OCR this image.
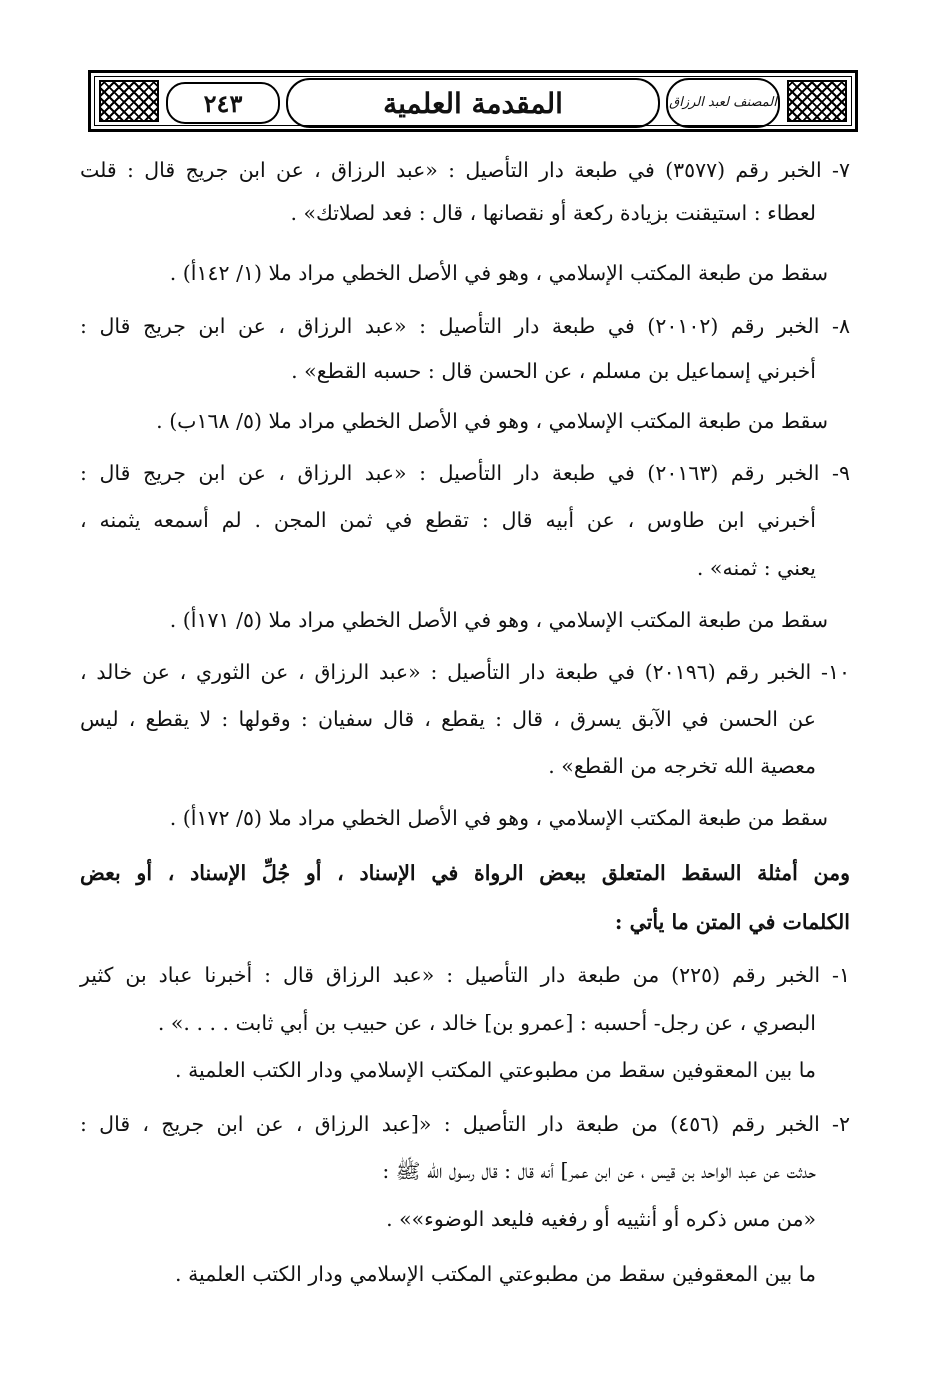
٢٤٣	المقدمة العلمية	المصنف لعبد الرزاق
٧- الخبر رقم (٣٥٧٧) في طبعة دار التأصيل : «عبد الرزاق ، عن ابن جريج قال : قلت
لعطاء : استيقنت بزيادة ركعة أو نقصانها ، قال : فعد لصلاتك» .
سقط من طبعة المكتب الإسلامي ، وهو في الأصل الخطي مراد ملا (١/ ١٤٢أ) .
٨- الخبر رقم (٢٠١٠٢) في طبعة دار التأصيل : «عبد الرزاق ، عن ابن جريج قال :
أخبرني إسماعيل بن مسلم ، عن الحسن قال : حسبه القطع» .
سقط من طبعة المكتب الإسلامي ، وهو في الأصل الخطي مراد ملا (٥/ ١٦٨ب) .
٩- الخبر رقم (٢٠١٦٣) في طبعة دار التأصيل : «عبد الرزاق ، عن ابن جريج قال :
أخبرني ابن طاوس ، عن أبيه قال : تقطع في ثمن المجن . لم أسمعه يثمنه ،
يعني : ثمنه» .
سقط من طبعة المكتب الإسلامي ، وهو في الأصل الخطي مراد ملا (٥/ ١٧١أ) .
١٠- الخبر رقم (٢٠١٩٦) في طبعة دار التأصيل : «عبد الرزاق ، عن الثوري ، عن خالد ،
عن الحسن في الآبق يسرق ، قال : يقطع ، قال سفيان : وقولها : لا يقطع ، ليس
معصية الله تخرجه من القطع» .
سقط من طبعة المكتب الإسلامي ، وهو في الأصل الخطي مراد ملا (٥/ ١٧٢أ) .
ومن أمثلة السقط المتعلق ببعض الرواة في الإسناد ، أو جُلِّ الإسناد ، أو بعض
الكلمات في المتن ما يأتي :
١- الخبر رقم (٢٢٥) من طبعة دار التأصيل : «عبد الرزاق قال : أخبرنا عباد بن كثير
البصري ، عن رجل- أحسبه : [عمرو بن] خالد ، عن حبيب بن أبي ثابت . . . .» .
ما بين المعقوفين سقط من مطبوعتي المكتب الإسلامي ودار الكتب العلمية .
٢- الخبر رقم (٤٥٦) من طبعة دار التأصيل : «[عبد الرزاق ، عن ابن جريج ، قال :
حدثت عن عبد الواحد بن قيس ، عن ابن عمر] أنه قال : قال رسول الله ﷺ :
«من مس ذكره أو أنثييه أو رفغيه فليعد الوضوء»» .
ما بين المعقوفين سقط من مطبوعتي المكتب الإسلامي ودار الكتب العلمية .
